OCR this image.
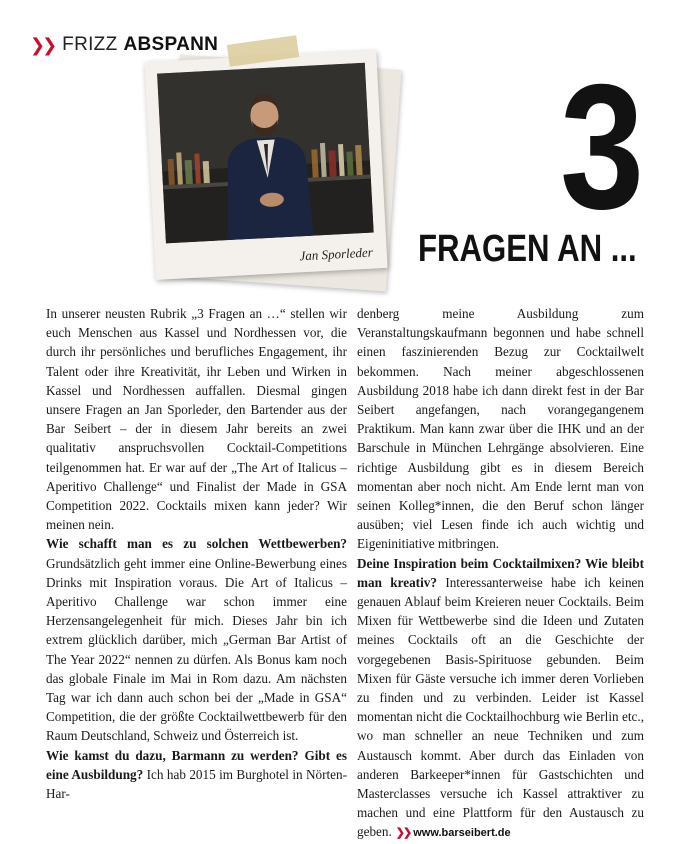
❯❯ FRIZZ ABSPANN
Jan Sporleder
3
FRAGEN AN ...

In unserer neusten Rubrik „3 Fragen an …“ stellen wir euch Menschen aus Kassel und Nordhessen vor, die durch ihr persönliches und berufliches Engagement, ihr Talent oder ihre Kreativität, ihr Leben und Wirken in Kassel und Nordhessen auffallen. Diesmal gingen unsere Fragen an Jan Sporleder, den Bartender aus der Bar Seibert – der in diesem Jahr bereits an zwei qualitativ anspruchsvollen Cocktail-Competitions teilgenommen hat. Er war auf der „The Art of Italicus – Aperitivo Challenge“ und Finalist der Made in GSA Competition 2022. Cocktails mixen kann jeder? Wir meinen nein.

Wie schafft man es zu solchen Wettbewerben? Grundsätzlich geht immer eine Online-Bewerbung eines Drinks mit Inspiration voraus. Die Art of Italicus – Aperitivo Challenge war schon immer eine Herzensangelegenheit für mich. Dieses Jahr bin ich extrem glücklich darüber, mich „German Bar Artist of The Year 2022“ nennen zu dürfen. Als Bonus kam noch das globale Finale im Mai in Rom dazu. Am nächsten Tag war ich dann auch schon bei der „Made in GSA“ Competition, die der größte Cocktailwettbewerb für den Raum Deutschland, Schweiz und Österreich ist.

Wie kamst du dazu, Barmann zu werden? Gibt es eine Ausbildung? Ich hab 2015 im Burghotel in Nörten-Har-

denberg meine Ausbildung zum Veranstaltungskaufmann begonnen und habe schnell einen faszinierenden Bezug zur Cocktailwelt bekommen. Nach meiner abgeschlossenen Ausbildung 2018 habe ich dann direkt fest in der Bar Seibert angefangen, nach vorangegangenem Praktikum. Man kann zwar über die IHK und an der Barschule in München Lehrgänge absolvieren. Eine richtige Ausbildung gibt es in diesem Bereich momentan aber noch nicht. Am Ende lernt man von seinen Kolleg*innen, die den Beruf schon länger ausüben; viel Lesen finde ich auch wichtig und Eigeninitiative mitbringen.

Deine Inspiration beim Cocktailmixen? Wie bleibt man kreativ? Interessanterweise habe ich keinen genauen Ablauf beim Kreieren neuer Cocktails. Beim Mixen für Wettbewerbe sind die Ideen und Zutaten meines Cocktails oft an die Geschichte der vorgegebenen Basis-Spirituose gebunden. Beim Mixen für Gäste versuche ich immer deren Vorlieben zu finden und zu verbinden. Leider ist Kassel momentan nicht die Cocktailhochburg wie Berlin etc., wo man schneller an neue Techniken und zum Austausch kommt. Aber durch das Einladen von anderen Barkeeper*innen für Gastschichten und Masterclasses versuche ich Kassel attraktiver zu machen und eine Plattform für den Austausch zu geben. ❯❯ www.barseibert.de
